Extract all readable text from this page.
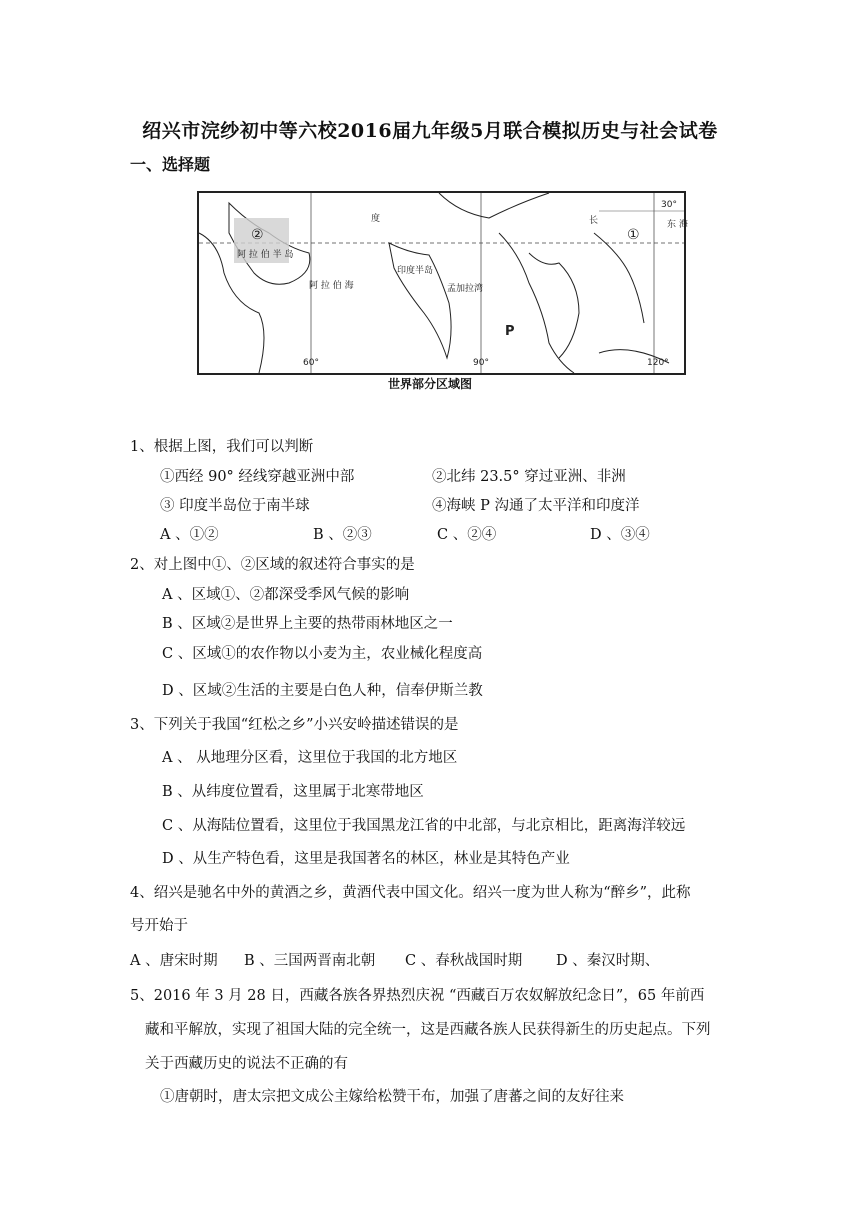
绍兴市浣纱初中等六校2016届九年级5月联合模拟历史与社会试卷
一、选择题
②	①
阿 拉 伯 半 岛
阿 拉 伯 海
印度半岛
孟加拉湾
P
60°	90°	120°
30°
东 海
长
度
世界部分区域图
1、根据上图，我们可以判断
①西经 90° 经线穿越亚洲中部	②北纬 23.5° 穿过亚洲、非洲
③ 印度半岛位于南半球	④海峡 P 沟通了太平洋和印度洋
A 、①②	B 、②③	C 、②④	D 、③④
2、对上图中①、②区域的叙述符合事实的是
A 、区域①、②都深受季风气候的影响
B 、区域②是世界上主要的热带雨林地区之一
C 、区域①的农作物以小麦为主，农业械化程度高
D 、区域②生活的主要是白色人种，信奉伊斯兰教
3、下列关于我国“红松之乡”小兴安岭描述错误的是
A 、 从地理分区看，这里位于我国的北方地区
B 、从纬度位置看，这里属于北寒带地区
C 、从海陆位置看，这里位于我国黑龙江省的中北部，与北京相比，距离海洋较远
D 、从生产特色看，这里是我国著名的林区，林业是其特色产业
4、绍兴是驰名中外的黄酒之乡，黄酒代表中国文化。绍兴一度为世人称为“醉乡”，此称
号开始于
A 、唐宋时期 B 、三国两晋南北朝 C 、春秋战国时期 D 、秦汉时期、
5、2016 年 3 月 28 日，西藏各族各界热烈庆祝 “西藏百万农奴解放纪念日”，65 年前西
藏和平解放，实现了祖国大陆的完全统一，这是西藏各族人民获得新生的历史起点。下列
关于西藏历史的说法不正确的有
①唐朝时，唐太宗把文成公主嫁给松赞干布，加强了唐蕃之间的友好往来
